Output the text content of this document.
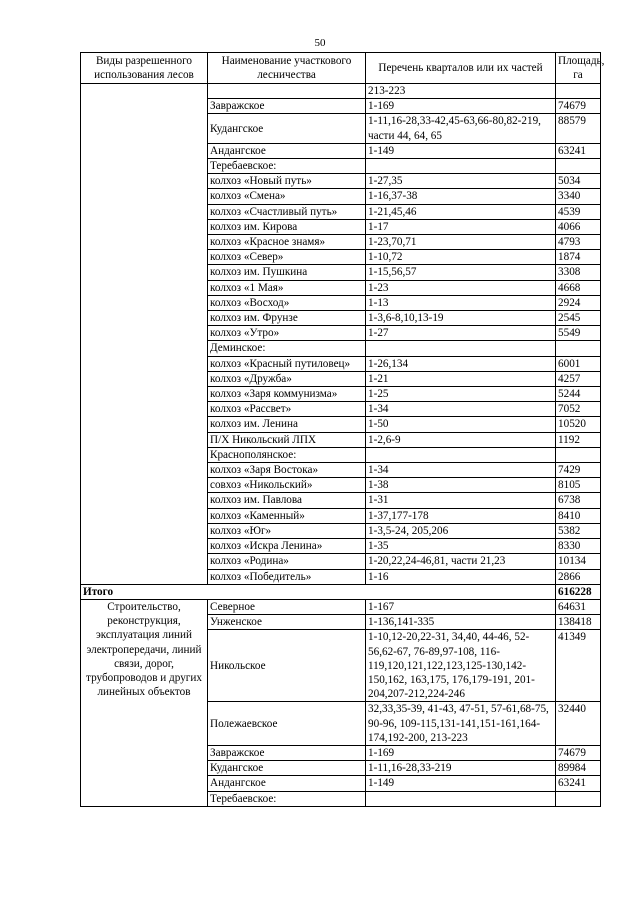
50
Виды разрешенного использования лесов	Наименование участкового лесничества	Перечень кварталов или их частей	Площадь, га
		213-223	
	Завражское	1-169	74679
	Кудангское	1-11,16-28,33-42,45-63,66-80,82-219, части 44, 64, 65	88579
	Андангское	1-149	63241
	Теребаевское:		
	колхоз «Новый путь»	1-27,35	5034
	колхоз «Смена»	1-16,37-38	3340
	колхоз «Счастливый путь»	1-21,45,46	4539
	колхоз им. Кирова	1-17	4066
	колхоз «Красное знамя»	1-23,70,71	4793
	колхоз «Север»	1-10,72	1874
	колхоз им. Пушкина	1-15,56,57	3308
	колхоз «1 Мая»	1-23	4668
	колхоз «Восход»	1-13	2924
	колхоз им. Фрунзе	1-3,6-8,10,13-19	2545
	колхоз «Утро»	1-27	5549
	Деминское:		
	колхоз «Красный путиловец»	1-26,134	6001
	колхоз «Дружба»	1-21	4257
	колхоз «Заря коммунизма»	1-25	5244
	колхоз «Рассвет»	1-34	7052
	колхоз им. Ленина	1-50	10520
	П/Х Никольский ЛПХ	1-2,6-9	1192
	Краснополянское:		
	колхоз «Заря Востока»	1-34	7429
	совхоз «Никольский»	1-38	8105
	колхоз им. Павлова	1-31	6738
	колхоз «Каменный»	1-37,177-178	8410
	колхоз «Юг»	1-3,5-24, 205,206	5382
	колхоз «Искра Ленина»	1-35	8330
	колхоз «Родина»	1-20,22,24-46,81, части 21,23	10134
	колхоз «Победитель»	1-16	2866
Итого			616228
Строительство, реконструкция, эксплуатация линий электропередачи, линий связи, дорог, трубопроводов и других линейных объектов	Северное	1-167	64631
	Унженское	1-136,141-335	138418
	Никольское	1-10,12-20,22-31, 34,40, 44-46, 52-56,62-67, 76-89,97-108, 116-119,120,121,122,123,125-130,142-150,162, 163,175, 176,179-191, 201-204,207-212,224-246	41349
	Полежаевское	32,33,35-39, 41-43, 47-51, 57-61,68-75, 90-96, 109-115,131-141,151-161,164-174,192-200, 213-223	32440
	Завражское	1-169	74679
	Кудангское	1-11,16-28,33-219	89984
	Андангское	1-149	63241
	Теребаевское:		
